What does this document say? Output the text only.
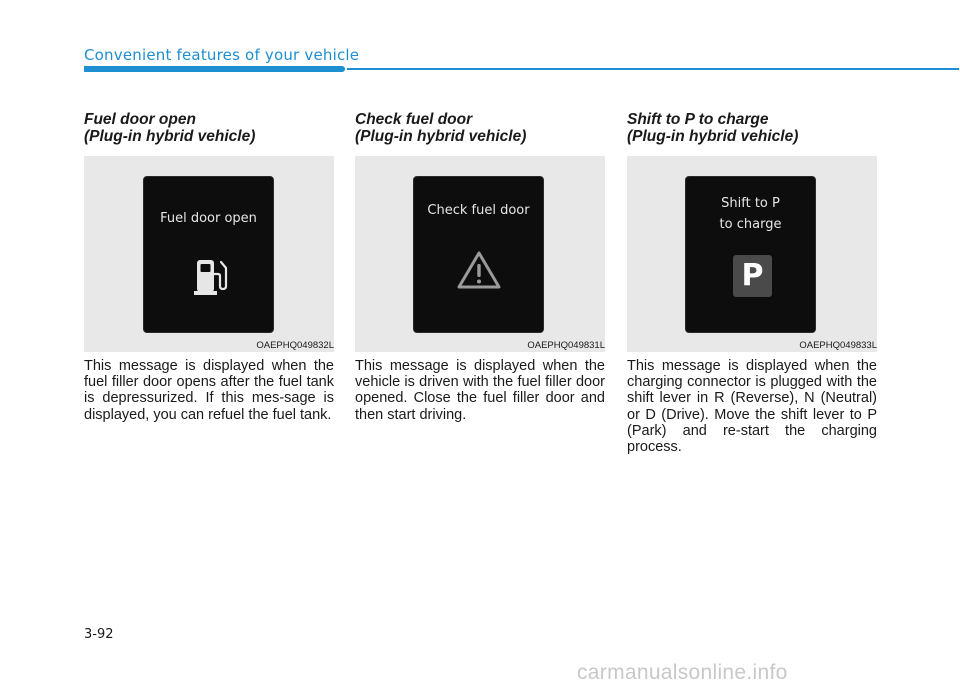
Convenient features of your vehicle
Fuel door open
(Plug-in hybrid vehicle)
Fuel door open
OAEPHQ049832L

This message is displayed when the fuel filler door opens after the fuel tank is depressurized. If this mes-sage is displayed, you can refuel the fuel tank.

Check fuel door
(Plug-in hybrid vehicle)
Check fuel door
OAEPHQ049831L

This message is displayed when the vehicle is driven with the fuel filler door opened. Close the fuel filler door and then start driving.

Shift to P to charge
(Plug-in hybrid vehicle)
Shift to P
to charge
P
OAEPHQ049833L

This message is displayed when the charging connector is plugged with the shift lever in R (Reverse), N (Neutral) or D (Drive). Move the shift lever to P (Park) and re-start the charging process.

3-92
carmanualsonline.info
